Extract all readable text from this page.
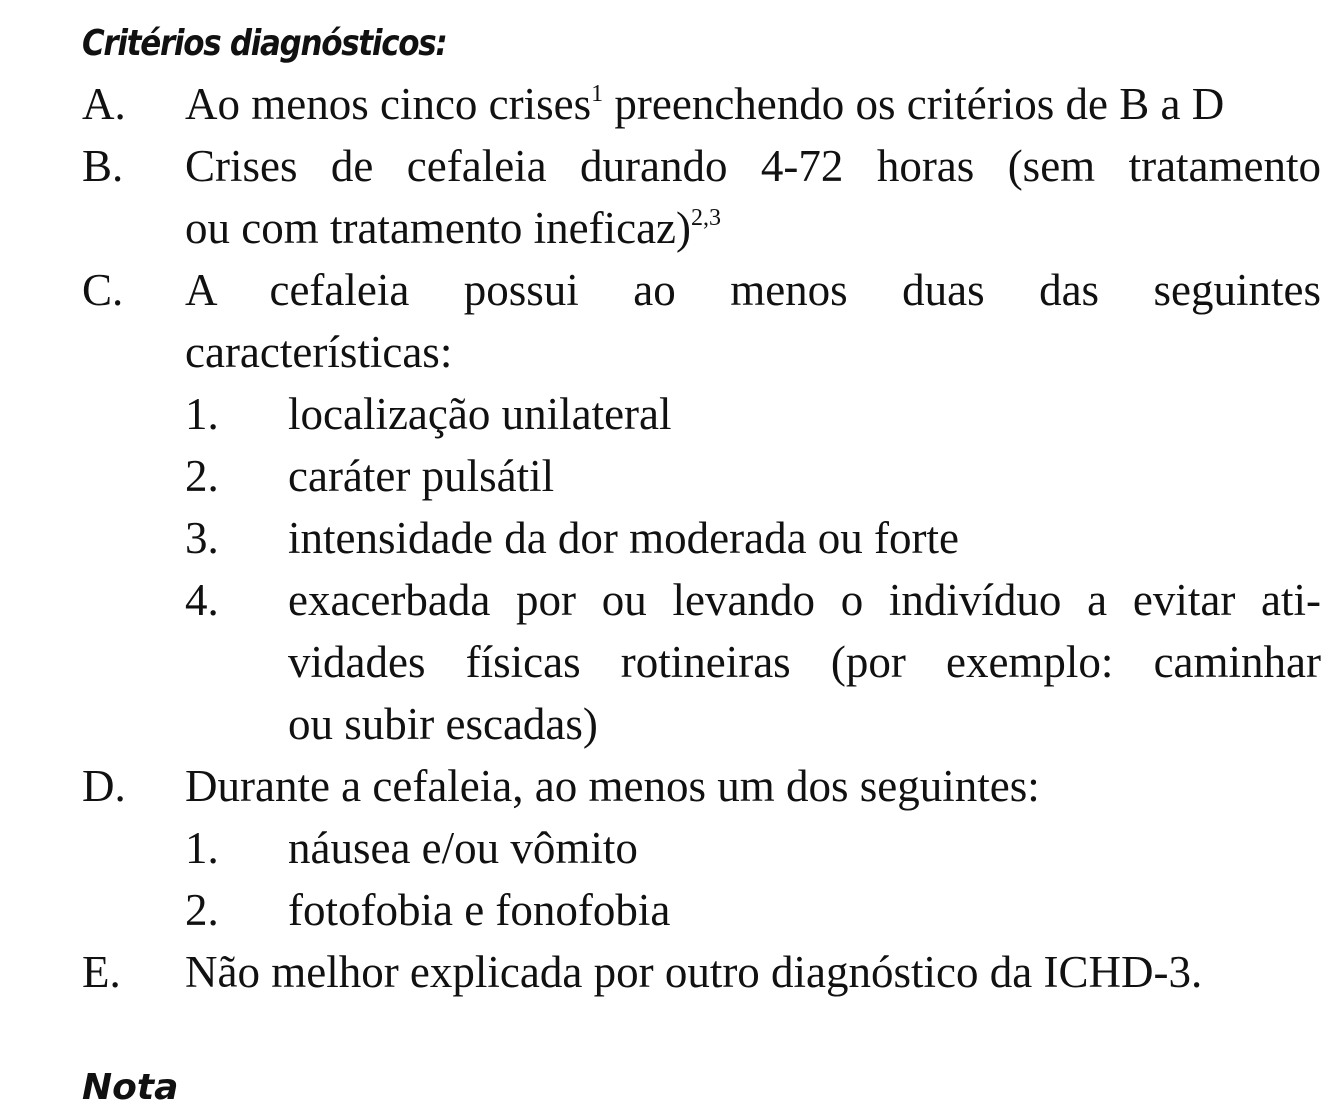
Critérios diagnósticos:
A. Ao menos cinco crises$^1$ preenchendo os critérios de B a D
B. Crises de cefaleia durando 4-72 horas (sem tratamento
ou com tratamento ineficaz)$^{2,3}$
C. A cefaleia possui ao menos duas das seguintes
características:
1. localização unilateral
2. caráter pulsátil
3. intensidade da dor moderada ou forte
4. exacerbada por ou levando o indivíduo a evitar ati-
vidades físicas rotineiras (por exemplo: caminhar
ou subir escadas)
D. Durante a cefaleia, ao menos um dos seguintes:
1. náusea e/ou vômito
2. fotofobia e fonofobia
E. Não melhor explicada por outro diagnóstico da ICHD-3.
Nota
